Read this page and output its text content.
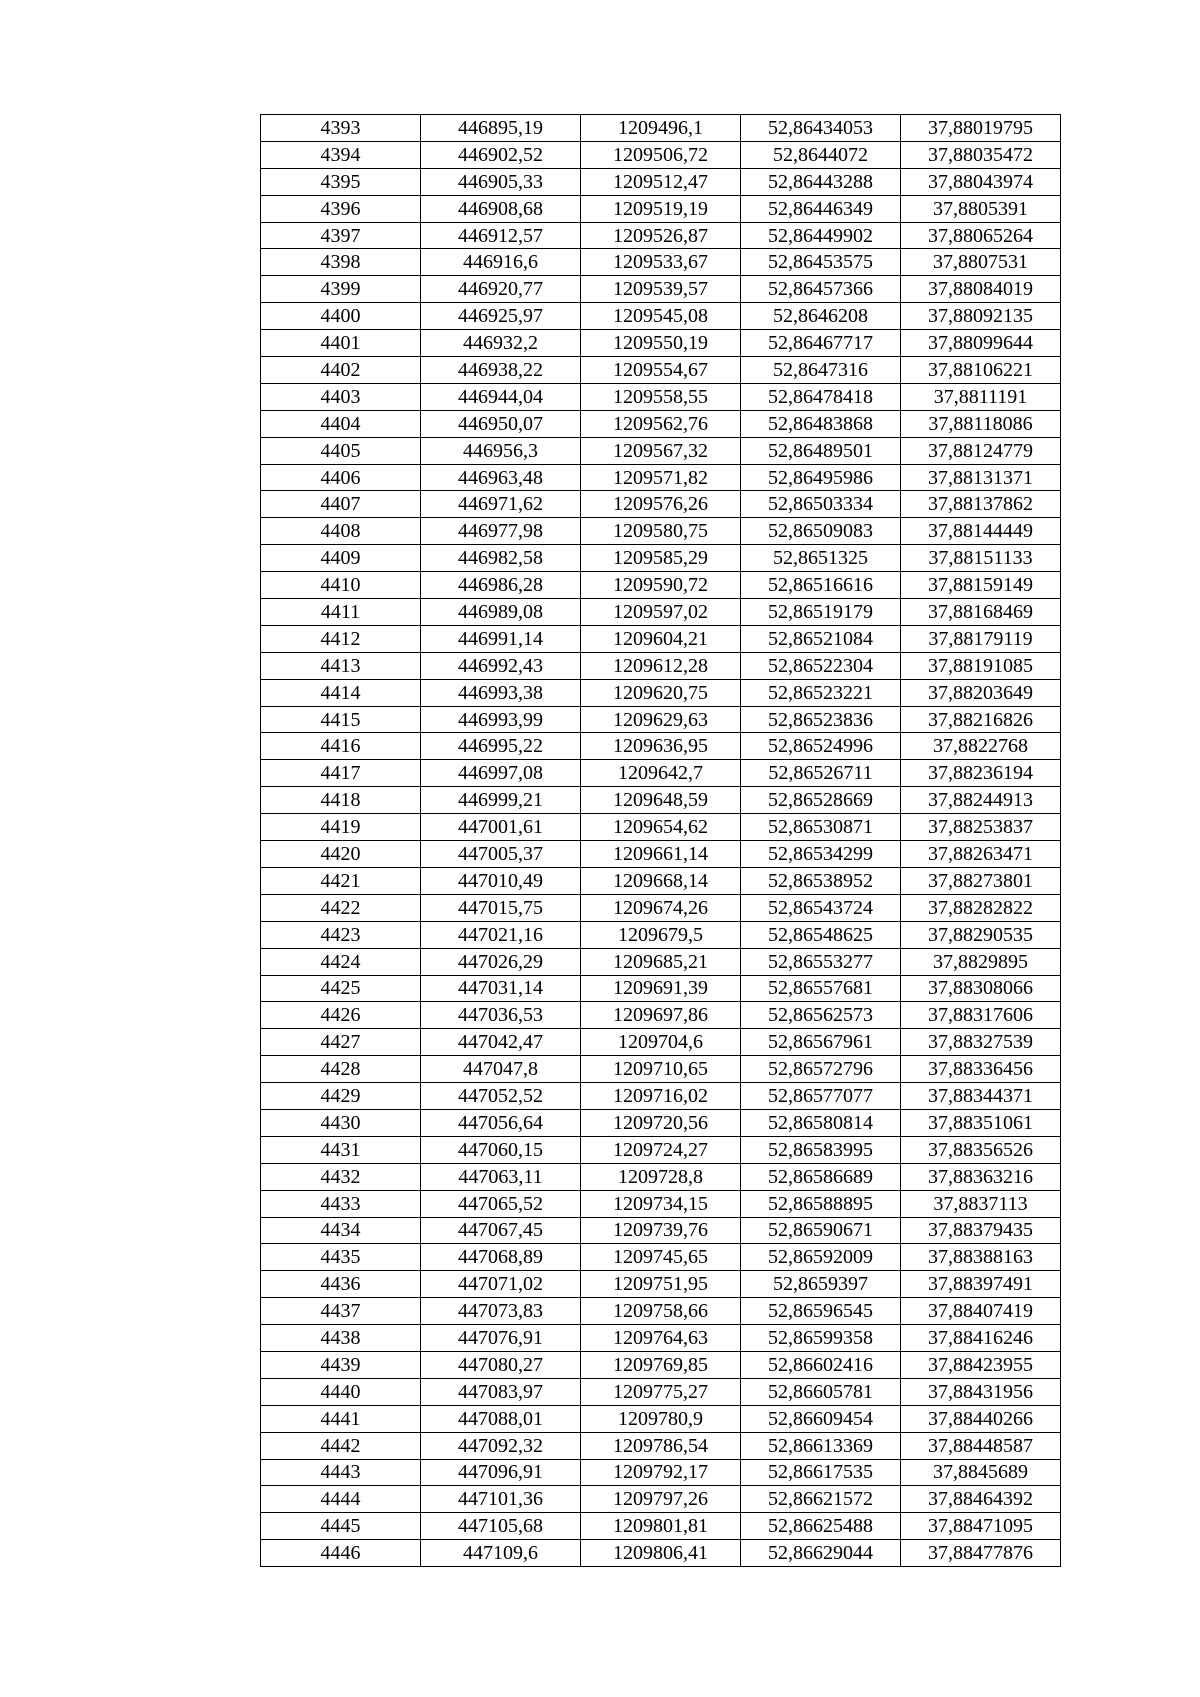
4393	446895,19	1209496,1	52,86434053	37,88019795
4394	446902,52	1209506,72	52,8644072	37,88035472
4395	446905,33	1209512,47	52,86443288	37,88043974
4396	446908,68	1209519,19	52,86446349	37,8805391
4397	446912,57	1209526,87	52,86449902	37,88065264
4398	446916,6	1209533,67	52,86453575	37,8807531
4399	446920,77	1209539,57	52,86457366	37,88084019
4400	446925,97	1209545,08	52,8646208	37,88092135
4401	446932,2	1209550,19	52,86467717	37,88099644
4402	446938,22	1209554,67	52,8647316	37,88106221
4403	446944,04	1209558,55	52,86478418	37,8811191
4404	446950,07	1209562,76	52,86483868	37,88118086
4405	446956,3	1209567,32	52,86489501	37,88124779
4406	446963,48	1209571,82	52,86495986	37,88131371
4407	446971,62	1209576,26	52,86503334	37,88137862
4408	446977,98	1209580,75	52,86509083	37,88144449
4409	446982,58	1209585,29	52,8651325	37,88151133
4410	446986,28	1209590,72	52,86516616	37,88159149
4411	446989,08	1209597,02	52,86519179	37,88168469
4412	446991,14	1209604,21	52,86521084	37,88179119
4413	446992,43	1209612,28	52,86522304	37,88191085
4414	446993,38	1209620,75	52,86523221	37,88203649
4415	446993,99	1209629,63	52,86523836	37,88216826
4416	446995,22	1209636,95	52,86524996	37,8822768
4417	446997,08	1209642,7	52,86526711	37,88236194
4418	446999,21	1209648,59	52,86528669	37,88244913
4419	447001,61	1209654,62	52,86530871	37,88253837
4420	447005,37	1209661,14	52,86534299	37,88263471
4421	447010,49	1209668,14	52,86538952	37,88273801
4422	447015,75	1209674,26	52,86543724	37,88282822
4423	447021,16	1209679,5	52,86548625	37,88290535
4424	447026,29	1209685,21	52,86553277	37,8829895
4425	447031,14	1209691,39	52,86557681	37,88308066
4426	447036,53	1209697,86	52,86562573	37,88317606
4427	447042,47	1209704,6	52,86567961	37,88327539
4428	447047,8	1209710,65	52,86572796	37,88336456
4429	447052,52	1209716,02	52,86577077	37,88344371
4430	447056,64	1209720,56	52,86580814	37,88351061
4431	447060,15	1209724,27	52,86583995	37,88356526
4432	447063,11	1209728,8	52,86586689	37,88363216
4433	447065,52	1209734,15	52,86588895	37,8837113
4434	447067,45	1209739,76	52,86590671	37,88379435
4435	447068,89	1209745,65	52,86592009	37,88388163
4436	447071,02	1209751,95	52,8659397	37,88397491
4437	447073,83	1209758,66	52,86596545	37,88407419
4438	447076,91	1209764,63	52,86599358	37,88416246
4439	447080,27	1209769,85	52,86602416	37,88423955
4440	447083,97	1209775,27	52,86605781	37,88431956
4441	447088,01	1209780,9	52,86609454	37,88440266
4442	447092,32	1209786,54	52,86613369	37,88448587
4443	447096,91	1209792,17	52,86617535	37,8845689
4444	447101,36	1209797,26	52,86621572	37,88464392
4445	447105,68	1209801,81	52,86625488	37,88471095
4446	447109,6	1209806,41	52,86629044	37,88477876
